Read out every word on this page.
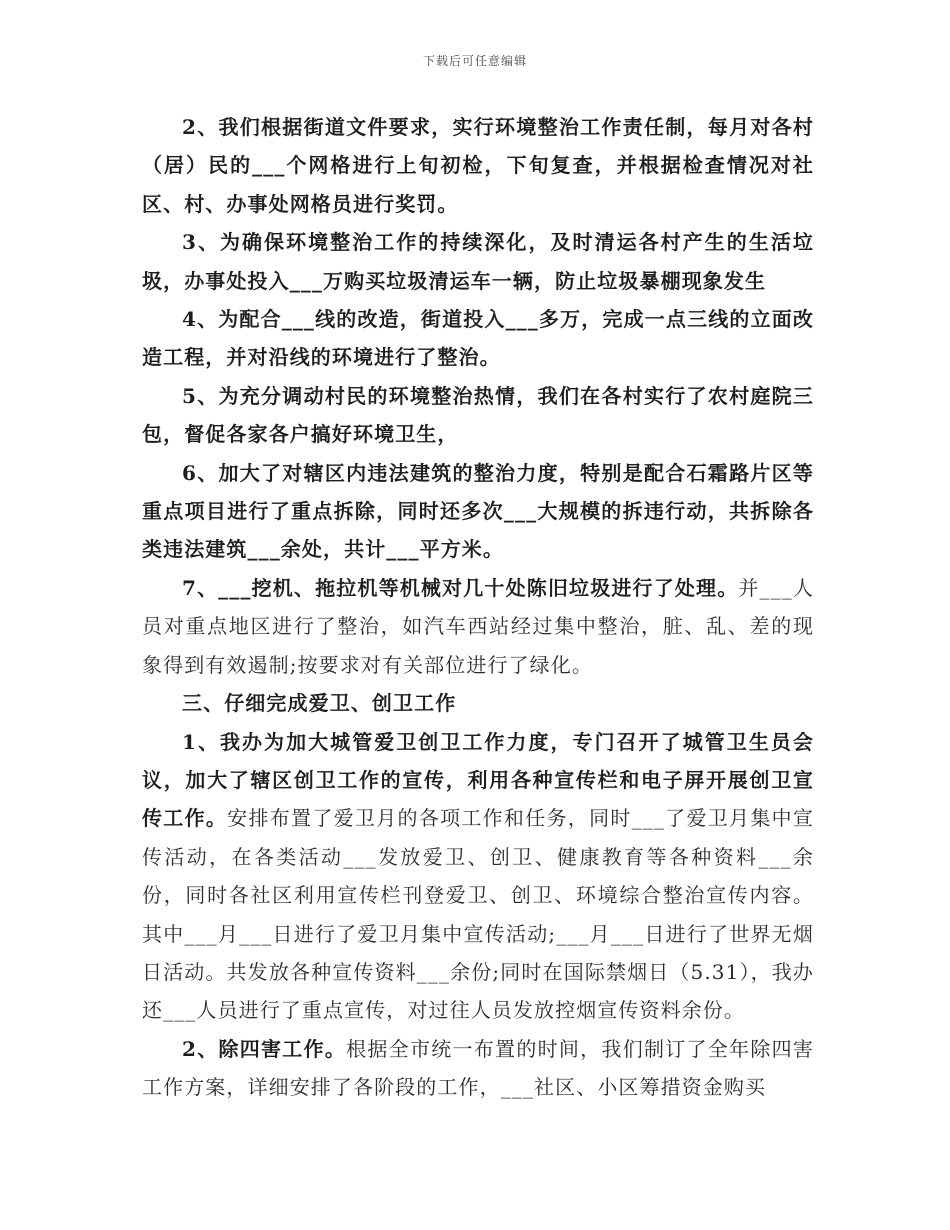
下载后可任意编辑

2、我们根据街道文件要求，实行环境整治工作责任制，每月对各村（居）民的___个网格进行上旬初检，下旬复查，并根据检查情况对社区、村、办事处网格员进行奖罚。

3、为确保环境整治工作的持续深化，及时清运各村产生的生活垃圾，办事处投入___万购买垃圾清运车一辆，防止垃圾暴棚现象发生

4、为配合___线的改造，街道投入___多万，完成一点三线的立面改造工程，并对沿线的环境进行了整治。

5、为充分调动村民的环境整治热情，我们在各村实行了农村庭院三包，督促各家各户搞好环境卫生，

6、加大了对辖区内违法建筑的整治力度，特别是配合石霜路片区等重点项目进行了重点拆除，同时还多次___大规模的拆违行动，共拆除各类违法建筑___余处，共计___平方米。

7、___挖机、拖拉机等机械对几十处陈旧垃圾进行了处理。并___人员对重点地区进行了整治，如汽车西站经过集中整治，脏、乱、差的现象得到有效遏制;按要求对有关部位进行了绿化。

三、仔细完成爱卫、创卫工作

1、我办为加大城管爱卫创卫工作力度，专门召开了城管卫生员会议，加大了辖区创卫工作的宣传，利用各种宣传栏和电子屏开展创卫宣传工作。安排布置了爱卫月的各项工作和任务，同时___了爱卫月集中宣传活动，在各类活动___发放爱卫、创卫、健康教育等各种资料___余份，同时各社区利用宣传栏刊登爱卫、创卫、环境综合整治宣传内容。其中___月___日进行了爱卫月集中宣传活动;___月___日进行了世界无烟日活动。共发放各种宣传资料___余份;同时在国际禁烟日（5.31），我办还___人员进行了重点宣传，对过往人员发放控烟宣传资料余份。

2、除四害工作。根据全市统一布置的时间，我们制订了全年除四害工作方案，详细安排了各阶段的工作，___社区、小区筹措资金购买
